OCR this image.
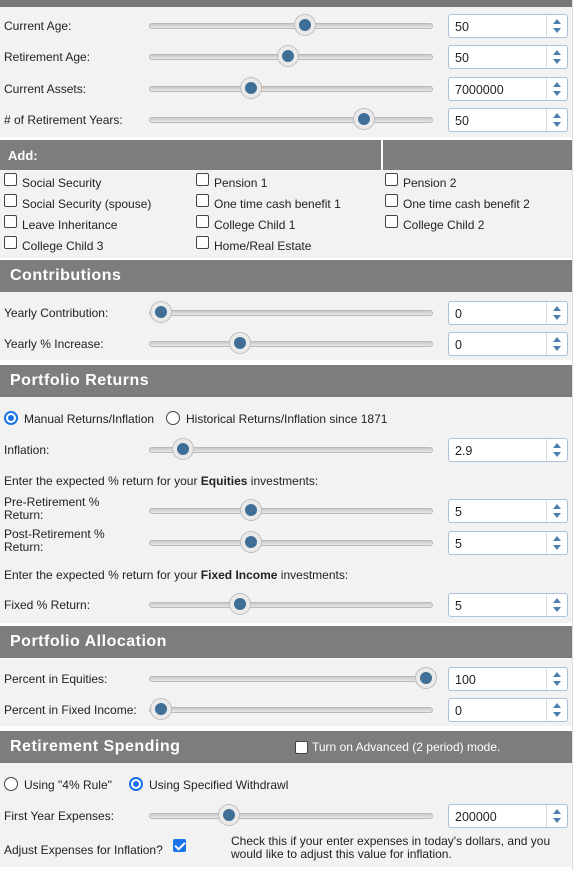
Current Age:	50
Retirement Age:	50
Current Assets:	7000000
# of Retirement Years:	50
Add:
Social Security	Pension 1	Pension 2
Social Security (spouse)	One time cash benefit 1	One time cash benefit 2
Leave Inheritance	College Child 1	College Child 2
College Child 3	Home/Real Estate
Contributions
Yearly Contribution:	0
Yearly % Increase:	0
Portfolio Returns
Manual Returns/Inflation	Historical Returns/Inflation since 1871
Inflation:	2.9
Enter the expected % return for your Equities investments:
Pre-Retirement % Return:	5
Post-Retirement % Return:	5
Enter the expected % return for your Fixed Income investments:
Fixed % Return:	5
Portfolio Allocation
Percent in Equities:	100
Percent in Fixed Income:	0
Retirement Spending	Turn on Advanced (2 period) mode.
Using "4% Rule"	Using Specified Withdrawl
First Year Expenses:	200000
Adjust Expenses for Inflation?
Check this if your enter expenses in today's dollars, and you
would like to adjust this value for inflation.
